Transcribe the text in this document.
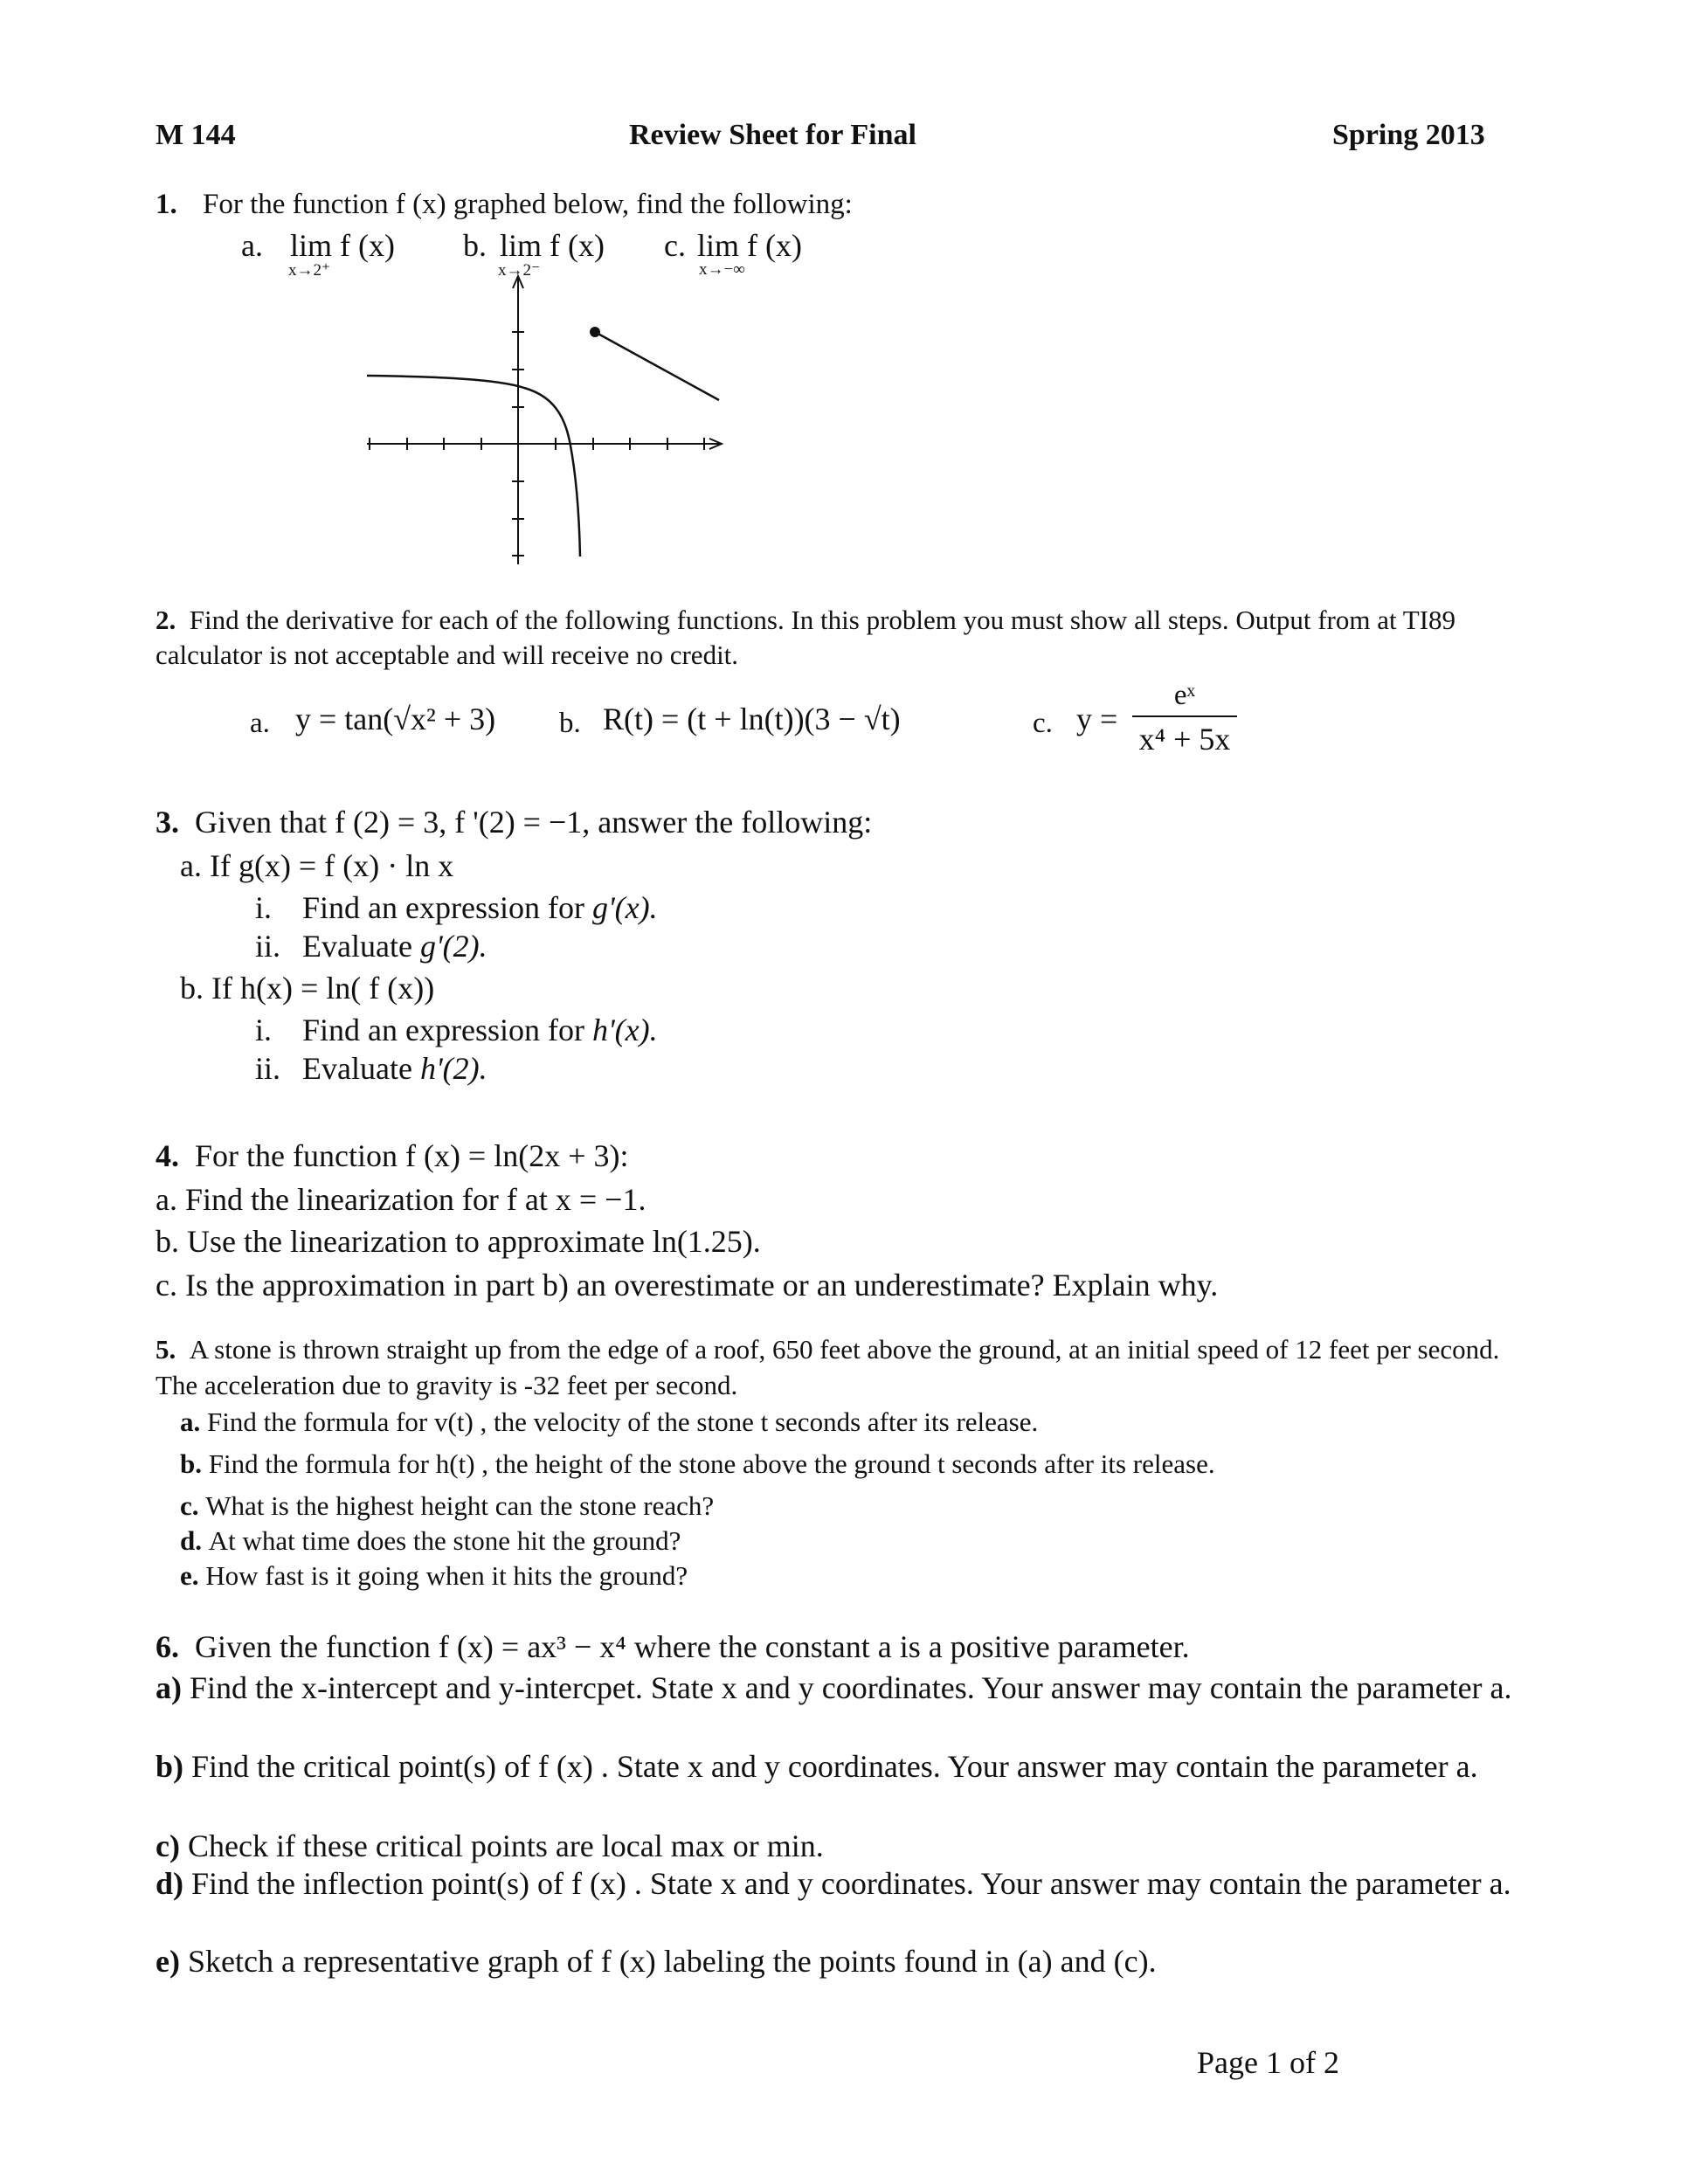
M 144	Review Sheet for Final	Spring 2013
1. For the function f (x) graphed below, find the following:
a. lim f (x)
x→2⁺
b. lim f (x)
x→2⁻
c. lim f (x)
x→−∞
2. Find the derivative for each of the following functions. In this problem you must show all steps. Output from at TI89 calculator is not acceptable and will receive no credit.
a. y = tan(√x² + 3) b. R(t) = (t + ln(t))(3 − √t)	c. y =
eˣ
x⁴ + 5x
3. Given that f (2) = 3, f '(2) = −1, answer the following:
a. If g(x) = f (x) · ln x
i. Find an expression for g'(x).
ii. Evaluate g'(2).
b. If h(x) = ln( f (x))
i. Find an expression for h'(x).
ii. Evaluate h'(2).
4. For the function f (x) = ln(2x + 3):
a. Find the linearization for f at x = −1.
b. Use the linearization to approximate ln(1.25).
c. Is the approximation in part b) an overestimate or an underestimate? Explain why.
5. A stone is thrown straight up from the edge of a roof, 650 feet above the ground, at an initial speed of 12 feet per second. The acceleration due to gravity is -32 feet per second.
a. Find the formula for v(t) , the velocity of the stone t seconds after its release.
b. Find the formula for h(t) , the height of the stone above the ground t seconds after its release.
c. What is the highest height can the stone reach?
d. At what time does the stone hit the ground?
e. How fast is it going when it hits the ground?
6. Given the function f (x) = ax³ − x⁴ where the constant a is a positive parameter.
a) Find the x-intercept and y-intercpet. State x and y coordinates. Your answer may contain the parameter a.
b) Find the critical point(s) of f (x) . State x and y coordinates. Your answer may contain the parameter a.
c) Check if these critical points are local max or min.
d) Find the inflection point(s) of f (x) . State x and y coordinates. Your answer may contain the parameter a.
e) Sketch a representative graph of f (x) labeling the points found in (a) and (c).
Page 1 of 2
